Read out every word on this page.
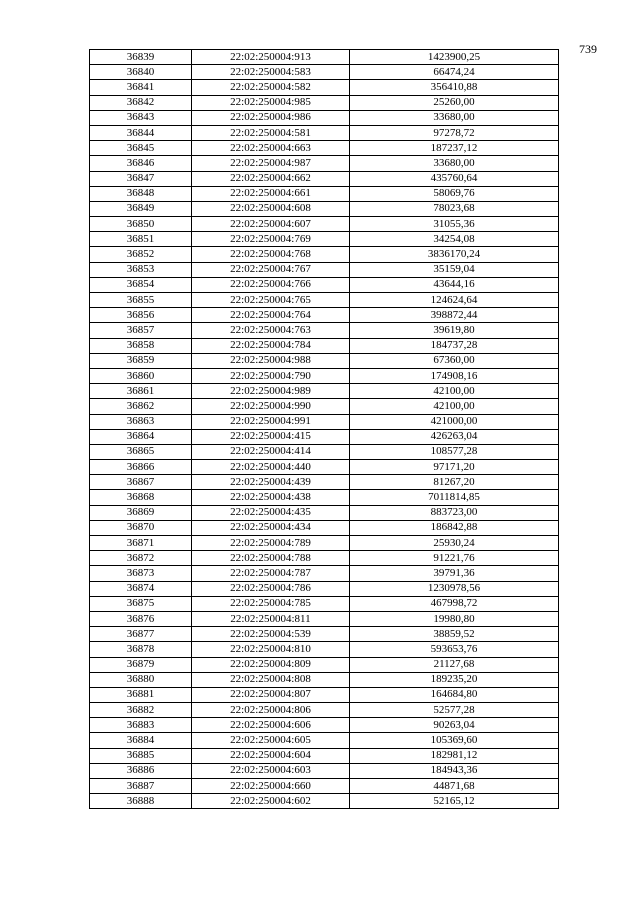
739
36839	22:02:250004:913	1423900,25
36840	22:02:250004:583	66474,24
36841	22:02:250004:582	356410,88
36842	22:02:250004:985	25260,00
36843	22:02:250004:986	33680,00
36844	22:02:250004:581	97278,72
36845	22:02:250004:663	187237,12
36846	22:02:250004:987	33680,00
36847	22:02:250004:662	435760,64
36848	22:02:250004:661	58069,76
36849	22:02:250004:608	78023,68
36850	22:02:250004:607	31055,36
36851	22:02:250004:769	34254,08
36852	22:02:250004:768	3836170,24
36853	22:02:250004:767	35159,04
36854	22:02:250004:766	43644,16
36855	22:02:250004:765	124624,64
36856	22:02:250004:764	398872,44
36857	22:02:250004:763	39619,80
36858	22:02:250004:784	184737,28
36859	22:02:250004:988	67360,00
36860	22:02:250004:790	174908,16
36861	22:02:250004:989	42100,00
36862	22:02:250004:990	42100,00
36863	22:02:250004:991	421000,00
36864	22:02:250004:415	426263,04
36865	22:02:250004:414	108577,28
36866	22:02:250004:440	97171,20
36867	22:02:250004:439	81267,20
36868	22:02:250004:438	7011814,85
36869	22:02:250004:435	883723,00
36870	22:02:250004:434	186842,88
36871	22:02:250004:789	25930,24
36872	22:02:250004:788	91221,76
36873	22:02:250004:787	39791,36
36874	22:02:250004:786	1230978,56
36875	22:02:250004:785	467998,72
36876	22:02:250004:811	19980,80
36877	22:02:250004:539	38859,52
36878	22:02:250004:810	593653,76
36879	22:02:250004:809	21127,68
36880	22:02:250004:808	189235,20
36881	22:02:250004:807	164684,80
36882	22:02:250004:806	52577,28
36883	22:02:250004:606	90263,04
36884	22:02:250004:605	105369,60
36885	22:02:250004:604	182981,12
36886	22:02:250004:603	184943,36
36887	22:02:250004:660	44871,68
36888	22:02:250004:602	52165,12
